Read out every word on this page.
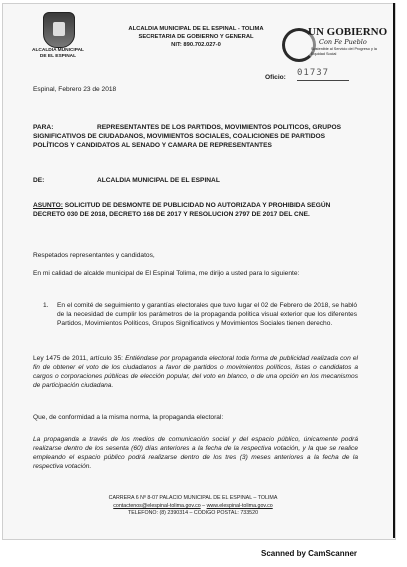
ALCALDIA MUNICIPAL
DE EL ESPINAL
ALCALDIA MUNICIPAL DE EL ESPINAL - TOLIMA
SECRETARIA DE GOBIERNO Y GENERAL
NIT: 890.702.027-0
UN GOBIERNO
Con Fe Pueblo
Sostenible al Servicio del Progreso y la Equidad Social
Oficio: 01737
Espinal, Febrero 23 de 2018
PARA:	REPRESENTANTES DE LOS PARTIDOS, MOVIMIENTOS POLITICOS, GRUPOS SIGNIFICATIVOS DE CIUDADANOS, MOVIMIENTOS SOCIALES, COALICIONES DE PARTIDOS POLÍTICOS Y CANDIDATOS AL SENADO Y CAMARA DE REPRESENTANTES
DE:	ALCALDIA MUNICIPAL DE EL ESPINAL
ASUNTO: SOLICITUD DE DESMONTE DE PUBLICIDAD NO AUTORIZADA Y PROHIBIDA SEGÚN DECRETO 030 DE 2018, DECRETO 168 DE 2017 Y RESOLUCION 2797 DE 2017 DEL CNE.
Respetados representantes y candidatos,
En mi calidad de alcalde municipal de El Espinal Tolima, me dirijo a usted para lo siguiente:
1. En el comité de seguimiento y garantías electorales que tuvo lugar el 02 de Febrero de 2018, se habló de la necesidad de cumplir los parámetros de la propaganda política visual exterior que los diferentes Partidos, Movimientos Políticos, Grupos Significativos y Movimientos Sociales tienen derecho.
Ley 1475 de 2011, artículo 35: Entiéndase por propaganda electoral toda forma de publicidad realizada con el fin de obtener el voto de los ciudadanos a favor de partidos o movimientos políticos, listas o candidatos a cargos o corporaciones públicas de elección popular, del voto en blanco, o de una opción en los mecanismos de participación ciudadana.
Que, de conformidad a la misma norma, la propaganda electoral:
La propaganda a través de los medios de comunicación social y del espacio público, únicamente podrá realizarse dentro de los sesenta (60) días anteriores a la fecha de la respectiva votación, y la que se realice empleando el espacio público podrá realizarse dentro de los tres (3) meses anteriores a la fecha de la respectiva votación.
CARRERA 6 Nº 8-07 PALACIO MUNICIPAL DE EL ESPINAL – TOLIMA
contactenos@elespinal-tolima.gov.co – www.elespinal-tolima.gov.co
TELEFONO: (8) 2390314 – CODIGO POSTAL: 733520
Scanned by CamScanner
